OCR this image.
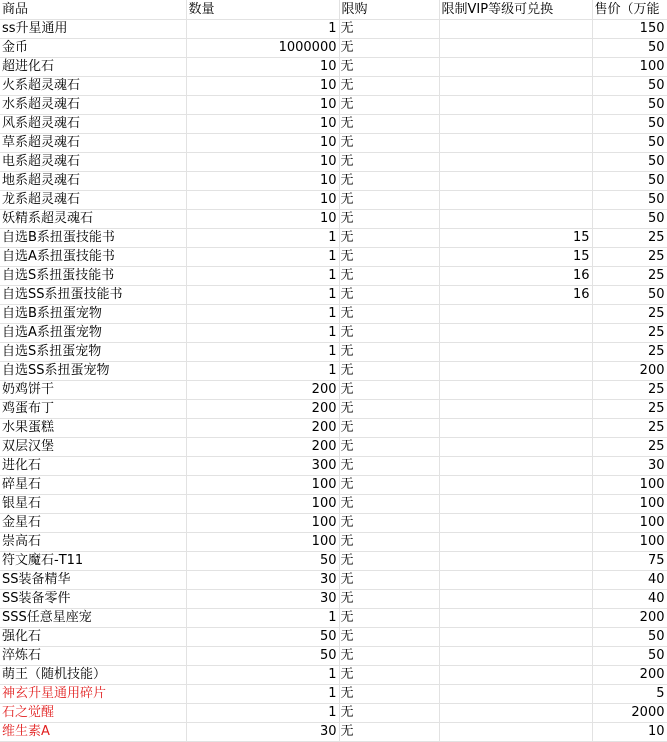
商品	数量	限购	限制VIP等级可兑换	售价（万能
ss升星通用	1	无		150
金币	1000000	无		50
超进化石	10	无		100
火系超灵魂石	10	无		50
水系超灵魂石	10	无		50
风系超灵魂石	10	无		50
草系超灵魂石	10	无		50
电系超灵魂石	10	无		50
地系超灵魂石	10	无		50
龙系超灵魂石	10	无		50
妖精系超灵魂石	10	无		50
自选B系扭蛋技能书	1	无	15	25
自选A系扭蛋技能书	1	无	15	25
自选S系扭蛋技能书	1	无	16	25
自选SS系扭蛋技能书	1	无	16	50
自选B系扭蛋宠物	1	无		25
自选A系扭蛋宠物	1	无		25
自选S系扭蛋宠物	1	无		25
自选SS系扭蛋宠物	1	无		200
奶鸡饼干	200	无		25
鸡蛋布丁	200	无		25
水果蛋糕	200	无		25
双层汉堡	200	无		25
进化石	300	无		30
碎星石	100	无		100
银星石	100	无		100
金星石	100	无		100
崇高石	100	无		100
符文魔石-T11	50	无		75
SS装备精华	30	无		40
SS装备零件	30	无		40
SSS任意星座宠	1	无		200
强化石	50	无		50
淬炼石	50	无		50
萌王（随机技能）	1	无		200
神玄升星通用碎片	1	无		5
石之觉醒	1	无		2000
维生素A	30	无		10
